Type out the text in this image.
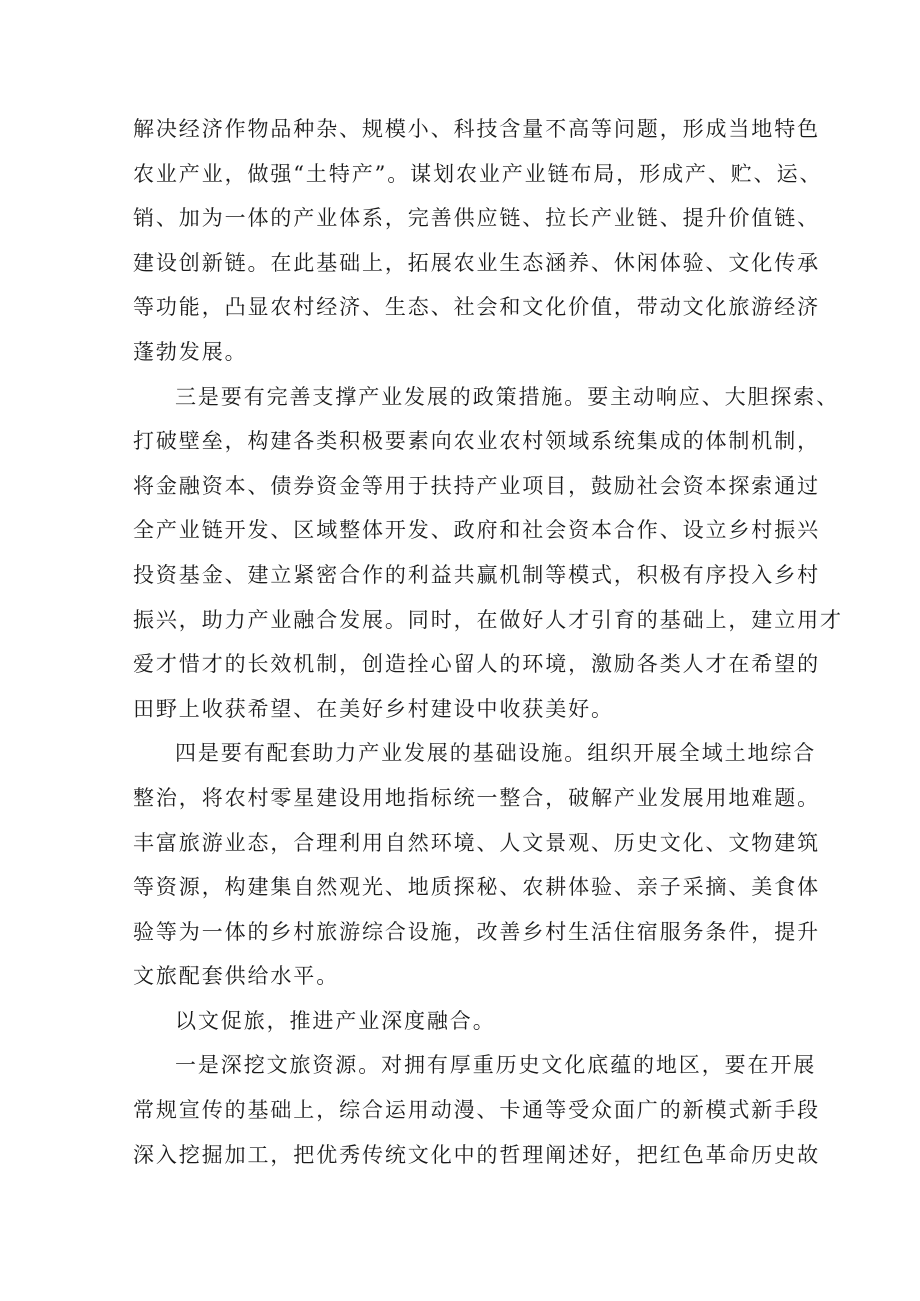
解决经济作物品种杂、规模小、科技含量不高等问题，形成当地特色
农业产业，做强“土特产”。谋划农业产业链布局，形成产、贮、运、
销、加为一体的产业体系，完善供应链、拉长产业链、提升价值链、
建设创新链。在此基础上，拓展农业生态涵养、休闲体验、文化传承
等功能，凸显农村经济、生态、社会和文化价值，带动文化旅游经济
蓬勃发展。
三是要有完善支撑产业发展的政策措施。要主动响应、大胆探索、
打破壁垒，构建各类积极要素向农业农村领域系统集成的体制机制，
将金融资本、债券资金等用于扶持产业项目，鼓励社会资本探索通过
全产业链开发、区域整体开发、政府和社会资本合作、设立乡村振兴
投资基金、建立紧密合作的利益共赢机制等模式，积极有序投入乡村
振兴，助力产业融合发展。同时，在做好人才引育的基础上，建立用才
爱才惜才的长效机制，创造拴心留人的环境，激励各类人才在希望的
田野上收获希望、在美好乡村建设中收获美好。
四是要有配套助力产业发展的基础设施。组织开展全域土地综合
整治，将农村零星建设用地指标统一整合，破解产业发展用地难题。
丰富旅游业态，合理利用自然环境、人文景观、历史文化、文物建筑
等资源，构建集自然观光、地质探秘、农耕体验、亲子采摘、美食体
验等为一体的乡村旅游综合设施，改善乡村生活住宿服务条件，提升
文旅配套供给水平。
以文促旅，推进产业深度融合。
一是深挖文旅资源。对拥有厚重历史文化底蕴的地区，要在开展
常规宣传的基础上，综合运用动漫、卡通等受众面广的新模式新手段
深入挖掘加工，把优秀传统文化中的哲理阐述好，把红色革命历史故
